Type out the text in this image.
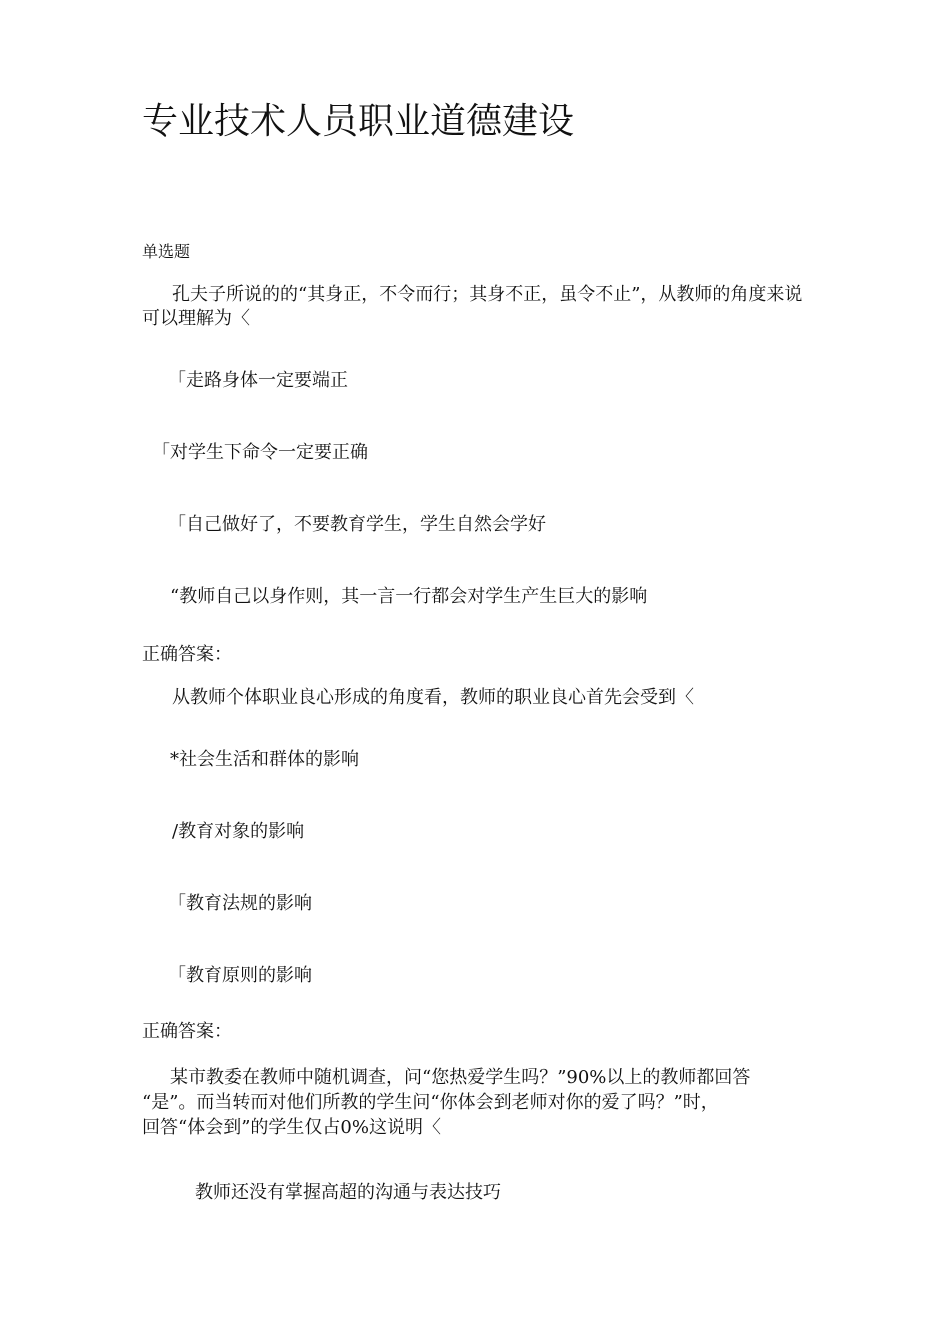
专业技术人员职业道德建设
单选题
孔夫子所说的的“其身正，不令而行；其身不正，虽令不止”，从教师的角度来说可以理解为〈
「走路身体一定要端正
「对学生下命令一定要正确
「自己做好了，不要教育学生，学生自然会学好
“教师自己以身作则，其一言一行都会对学生产生巨大的影响
正确答案：
从教师个体职业良心形成的角度看，教师的职业良心首先会受到〈
*社会生活和群体的影响
/教育对象的影响
「教育法规的影响
「教育原则的影响
正确答案：
某市教委在教师中随机调查，问“您热爱学生吗？”90%以上的教师都回答
“是”。而当转而对他们所教的学生问“你体会到老师对你的爱了吗？”时，
回答“体会到”的学生仅占0%这说明〈
教师还没有掌握高超的沟通与表达技巧
